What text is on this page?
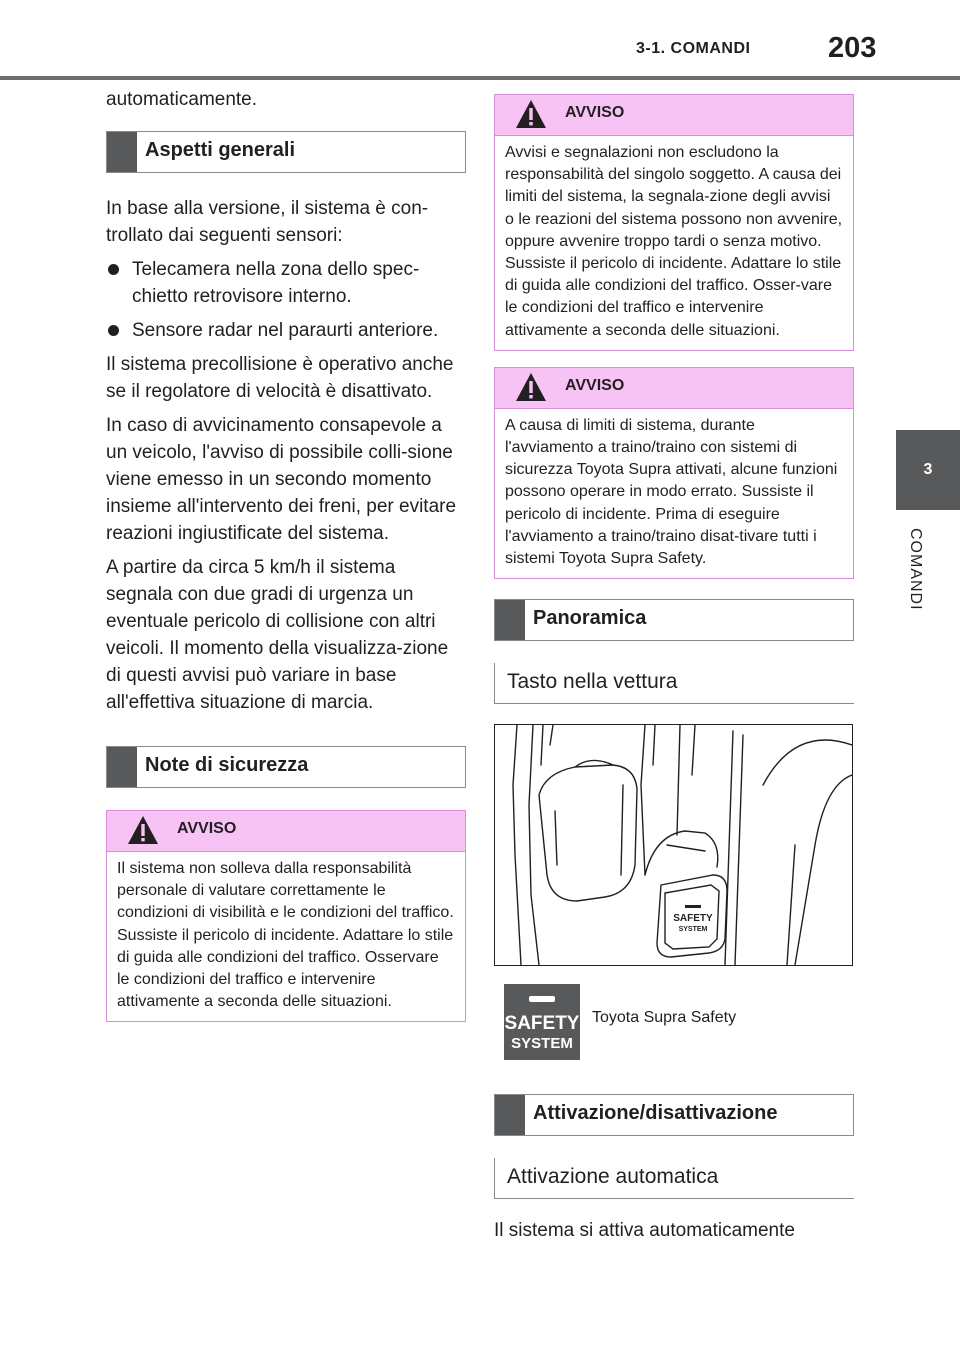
3-1. COMANDI	203
3
COMANDI

automaticamente.

Aspetti generali

In base alla versione, il sistema è con-trollato dai seguenti sensori:

Telecamera nella zona dello spec-chietto retrovisore interno.
Sensore radar nel paraurti anteriore.

Il sistema precollisione è operativo anche se il regolatore di velocità è disattivato.

In caso di avvicinamento consapevole a un veicolo, l'avviso di possibile colli-sione viene emesso in un secondo momento insieme all'intervento dei freni, per evitare reazioni ingiustificate del sistema.

A partire da circa 5 km/h il sistema segnala con due gradi di urgenza un eventuale pericolo di collisione con altri veicoli. Il momento della visualizza-zione di questi avvisi può variare in base all'effettiva situazione di marcia.

Note di sicurezza
AVVISO
Il sistema non solleva dalla responsabilità personale di valutare correttamente le condizioni di visibilità e le condizioni del traffico. Sussiste il pericolo di incidente. Adattare lo stile di guida alle condizioni del traffico. Osservare le condizioni del traffico e intervenire attivamente a seconda delle situazioni.
AVVISO
Avvisi e segnalazioni non escludono la responsabilità del singolo soggetto. A causa dei limiti del sistema, la segnala-zione degli avvisi o le reazioni del sistema possono non avvenire, oppure avvenire troppo tardi o senza motivo. Sussiste il pericolo di incidente. Adattare lo stile di guida alle condizioni del traffico. Osser-vare le condizioni del traffico e intervenire attivamente a seconda delle situazioni.
AVVISO
A causa di limiti di sistema, durante l'avviamento a traino/traino con sistemi di sicurezza Toyota Supra attivati, alcune funzioni possono operare in modo errato. Sussiste il pericolo di incidente. Prima di eseguire l'avviamento a traino/traino disat-tivare tutti i sistemi Toyota Supra Safety.
Panoramica
Tasto nella vettura
SAFETY
SYSTEM
SAFETY
SYSTEM
Toyota Supra Safety
Attivazione/disattivazione
Attivazione automatica

Il sistema si attiva automaticamente
